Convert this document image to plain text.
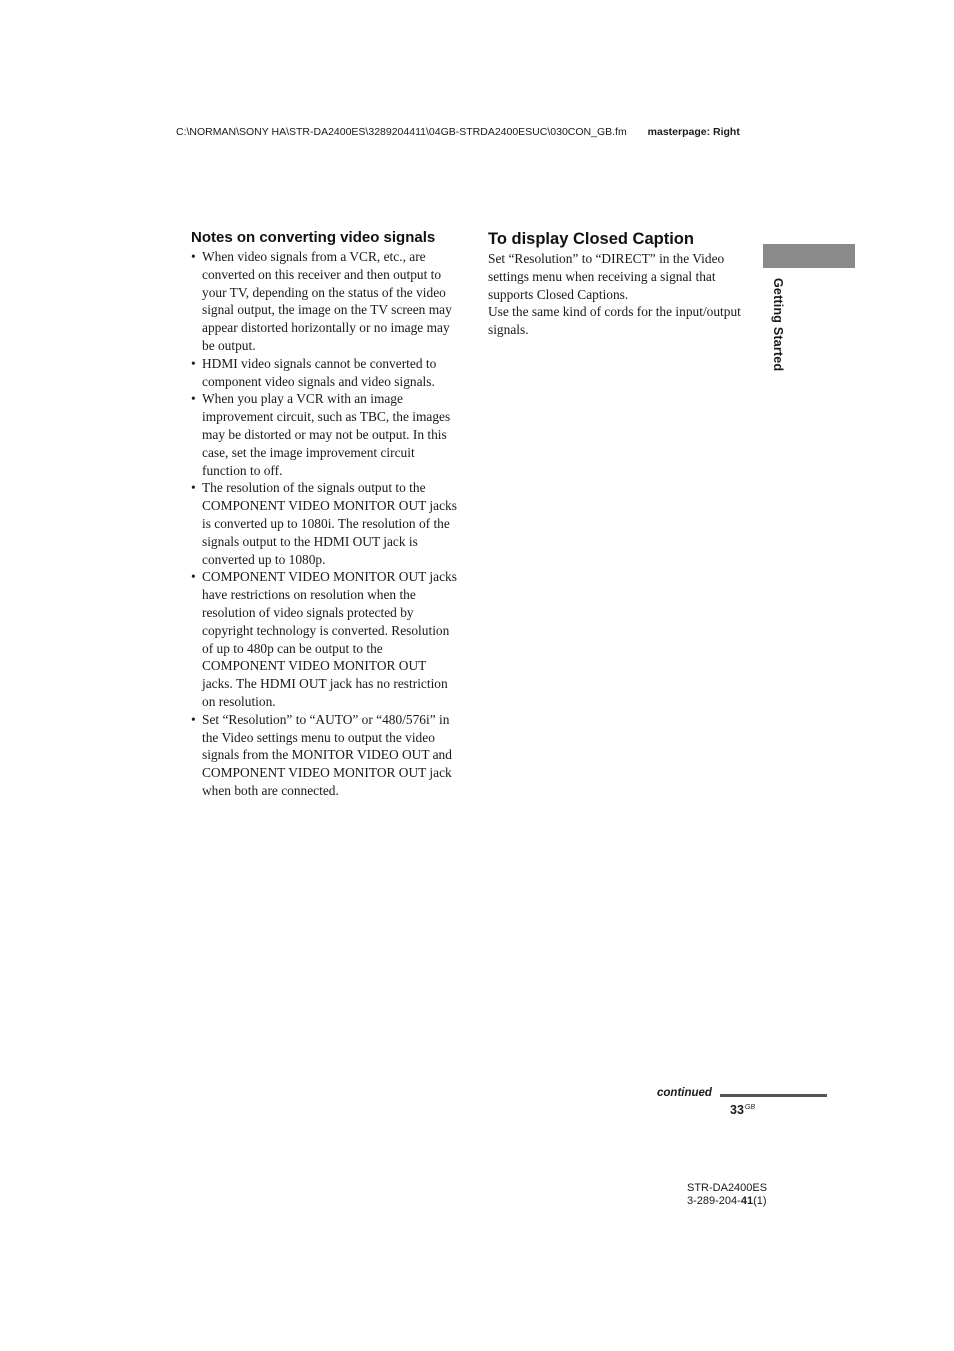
C:\NORMAN\SONY HA\STR-DA2400ES\3289204411\04GB-STRDA2400ESUC\030CON_GB.fm masterpage: Right
Notes on converting video signals
• When video signals from a VCR, etc., are converted on this receiver and then output to your TV, depending on the status of the video signal output, the image on the TV screen may appear distorted horizontally or no image may be output.
• HDMI video signals cannot be converted to component video signals and video signals.
• When you play a VCR with an image improvement circuit, such as TBC, the images may be distorted or may not be output. In this case, set the image improvement circuit function to off.
• The resolution of the signals output to the COMPONENT VIDEO MONITOR OUT jacks is converted up to 1080i. The resolution of the signals output to the HDMI OUT jack is converted up to 1080p.
• COMPONENT VIDEO MONITOR OUT jacks have restrictions on resolution when the resolution of video signals protected by copyright technology is converted. Resolution of up to 480p can be output to the COMPONENT VIDEO MONITOR OUT jacks. The HDMI OUT jack has no restriction on resolution.
• Set “Resolution” to “AUTO” or “480/576i” in the Video settings menu to output the video signals from the MONITOR VIDEO OUT and COMPONENT VIDEO MONITOR OUT jack when both are connected.
To display Closed Caption

Set “Resolution” to “DIRECT” in the Video settings menu when receiving a signal that supports Closed Captions.

Use the same kind of cords for the input/output signals.	Getting Started
continued
$33^{GB}$
STR-DA2400ES
3-289-204-41(1)
